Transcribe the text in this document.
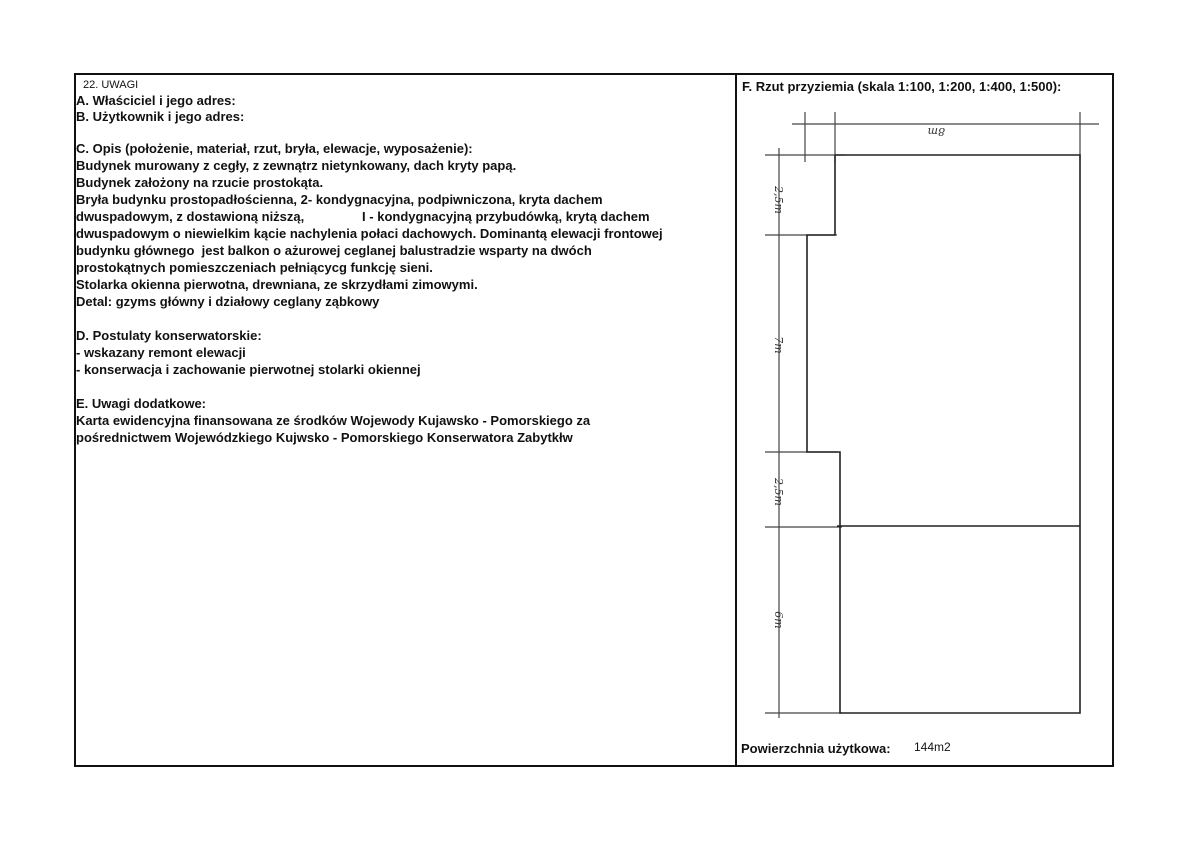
22. UWAGI
A. Właściciel i jego adres:
B. Użytkownik i jego adres:
C. Opis (położenie, materiał, rzut, bryła, elewacje, wyposażenie):
Budynek murowany z cegły, z zewnątrz nietynkowany, dach kryty papą.
Budynek założony na rzucie prostokąta.
Bryła budynku prostopadłościenna, 2- kondygnacyjna, podpiwniczona, kryta dachem
dwuspadowym, z dostawioną niższą,                I - kondygnacyjną przybudówką, krytą dachem
dwuspadowym o niewielkim kącie nachylenia połaci dachowych. Dominantą elewacji frontowej
budynku głównego  jest balkon o ażurowej ceglanej balustradzie wsparty na dwóch
prostokątnych pomieszczeniach pełniącycg funkcję sieni.
Stolarka okienna pierwotna, drewniana, ze skrzydłami zimowymi.
Detal: gzyms główny i działowy ceglany ząbkowy
D. Postulaty konserwatorskie:
- wskazany remont elewacji
- konserwacja i zachowanie pierwotnej stolarki okiennej
E. Uwagi dodatkowe:
Karta ewidencyjna finansowana ze środków Wojewody Kujawsko - Pomorskiego za
pośrednictwem Wojewódzkiego Kujwsko - Pomorskiego Konserwatora Zabytkłw
F. Rzut przyziemia (skala 1:100, 1:200, 1:400, 1:500):
8m
2,5m
7m
2,5m
6m
Powierzchnia użytkowa: 144m2
